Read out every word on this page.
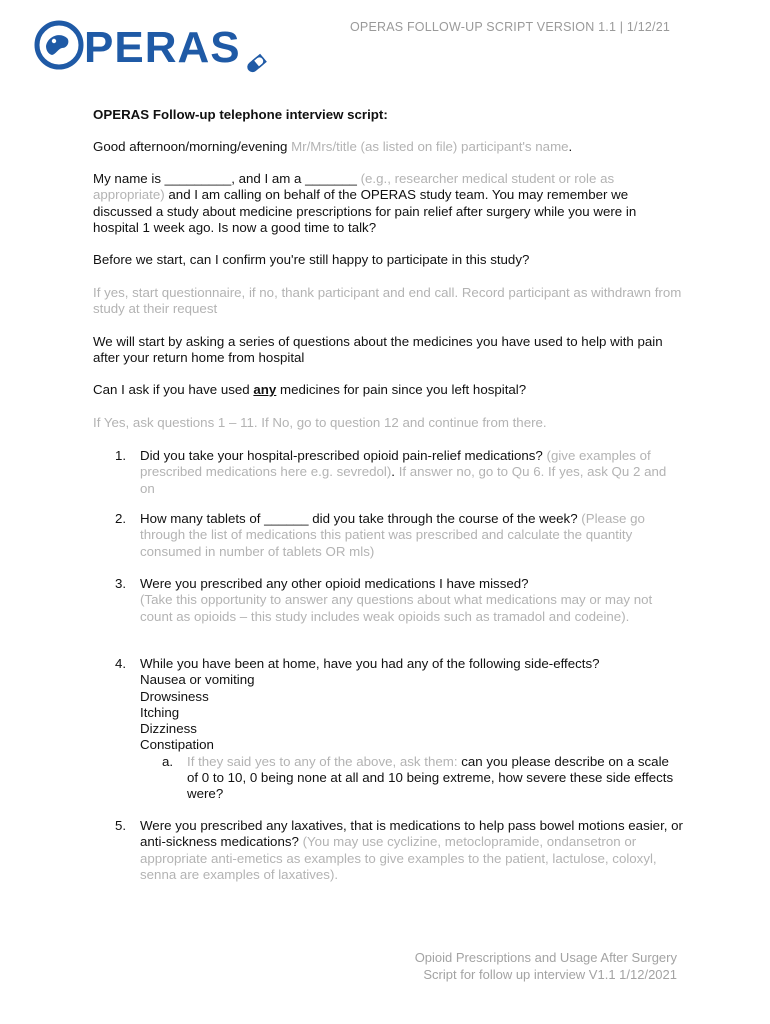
PERAS	OPERAS FOLLOW-UP SCRIPT VERSION 1.1 | 1/12/21
OPERAS Follow-up telephone interview script:
Good afternoon/morning/evening Mr/Mrs/title (as listed on file) participant's name.
My name is _________, and I am a _______ (e.g., researcher medical student or role as appropriate) and I am calling on behalf of the OPERAS study team. You may remember we discussed a study about medicine prescriptions for pain relief after surgery while you were in hospital 1 week ago. Is now a good time to talk?
Before we start, can I confirm you're still happy to participate in this study?
If yes, start questionnaire, if no, thank participant and end call. Record participant as withdrawn from study at their request
We will start by asking a series of questions about the medicines you have used to help with pain after your return home from hospital
Can I ask if you have used any medicines for pain since you left hospital?
If Yes, ask questions 1 – 11. If No, go to question 12 and continue from there.
1. Did you take your hospital-prescribed opioid pain-relief medications? (give examples of prescribed medications here e.g. sevredol). If answer no, go to Qu 6. If yes, ask Qu 2 and on
2. How many tablets of ______ did you take through the course of the week? (Please go through the list of medications this patient was prescribed and calculate the quantity consumed in number of tablets OR mls)
3. Were you prescribed any other opioid medications I have missed?
(Take this opportunity to answer any questions about what medications may or may not count as opioids – this study includes weak opioids such as tramadol and codeine).
4. While you have been at home, have you had any of the following side-effects?
Nausea or vomiting
Drowsiness
Itching
Dizziness
Constipation
a. If they said yes to any of the above, ask them: can you please describe on a scale of 0 to 10, 0 being none at all and 10 being extreme, how severe these side effects were?
5. Were you prescribed any laxatives, that is medications to help pass bowel motions easier, or anti-sickness medications? (You may use cyclizine, metoclopramide, ondansetron or appropriate anti-emetics as examples to give examples to the patient, lactulose, coloxyl, senna are examples of laxatives).
Opioid Prescriptions and Usage After Surgery
Script for follow up interview V1.1 1/12/2021
